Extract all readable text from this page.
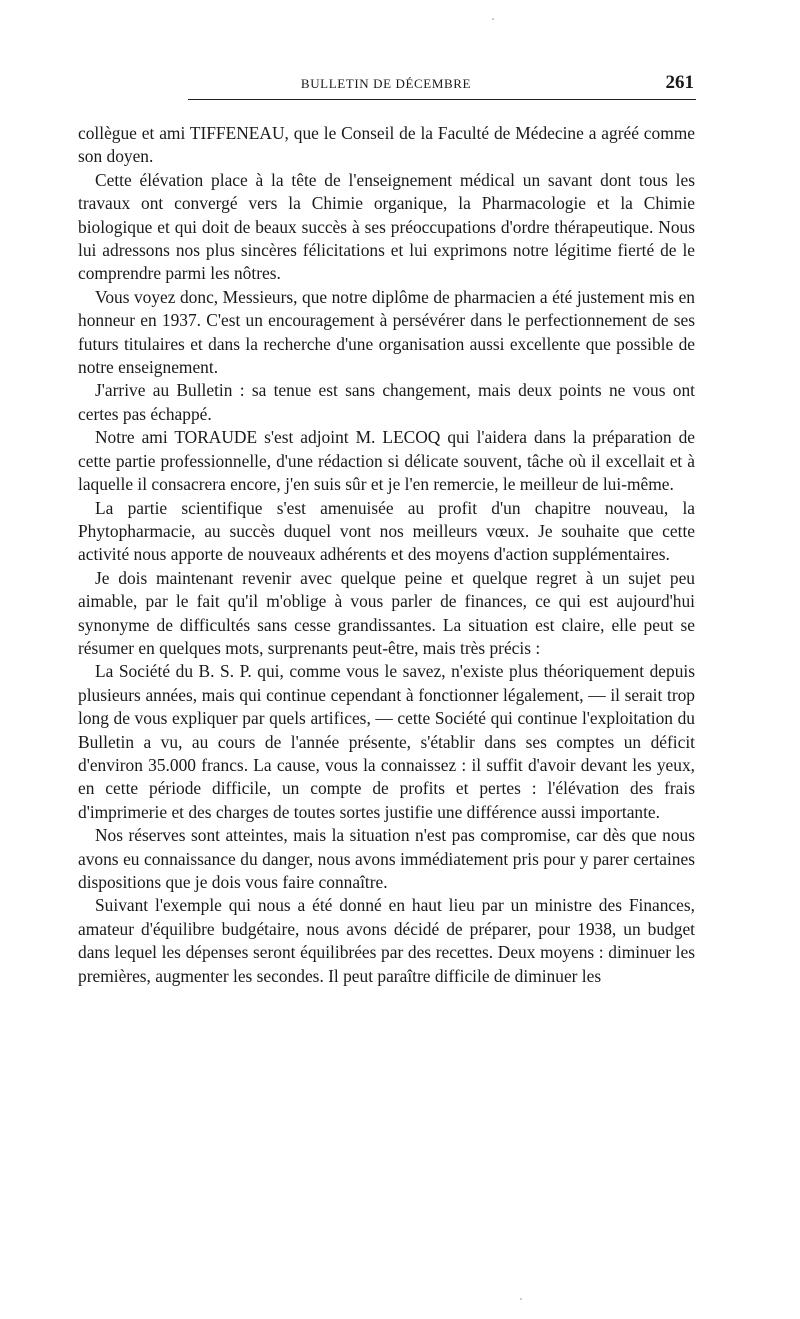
BULLETIN DE DÉCEMBRE	261

collègue et ami TIFFENEAU, que le Conseil de la Faculté de Médecine a agréé comme son doyen.

Cette élévation place à la tête de l'enseignement médical un savant dont tous les travaux ont convergé vers la Chimie organique, la Pharmacologie et la Chimie biologique et qui doit de beaux succès à ses préoccupations d'ordre thérapeutique. Nous lui adressons nos plus sincères félicitations et lui exprimons notre légitime fierté de le comprendre parmi les nôtres.

Vous voyez donc, Messieurs, que notre diplôme de pharmacien a été justement mis en honneur en 1937. C'est un encouragement à persévérer dans le perfectionnement de ses futurs titulaires et dans la recherche d'une organisation aussi excellente que possible de notre enseignement.

J'arrive au Bulletin : sa tenue est sans changement, mais deux points ne vous ont certes pas échappé.

Notre ami TORAUDE s'est adjoint M. LECOQ qui l'aidera dans la préparation de cette partie professionnelle, d'une rédaction si délicate souvent, tâche où il excellait et à laquelle il consacrera encore, j'en suis sûr et je l'en remercie, le meilleur de lui-même.

La partie scientifique s'est amenuisée au profit d'un chapitre nouveau, la Phytopharmacie, au succès duquel vont nos meilleurs vœux. Je souhaite que cette activité nous apporte de nouveaux adhérents et des moyens d'action supplémentaires.

Je dois maintenant revenir avec quelque peine et quelque regret à un sujet peu aimable, par le fait qu'il m'oblige à vous parler de finances, ce qui est aujourd'hui synonyme de difficultés sans cesse grandissantes. La situation est claire, elle peut se résumer en quelques mots, surprenants peut-être, mais très précis :

La Société du B. S. P. qui, comme vous le savez, n'existe plus théoriquement depuis plusieurs années, mais qui continue cependant à fonctionner légalement, — il serait trop long de vous expliquer par quels artifices, — cette Société qui continue l'exploitation du Bulletin a vu, au cours de l'année présente, s'établir dans ses comptes un déficit d'environ 35.000 francs. La cause, vous la connaissez : il suffit d'avoir devant les yeux, en cette période difficile, un compte de profits et pertes : l'élévation des frais d'imprimerie et des charges de toutes sortes justifie une différence aussi importante.

Nos réserves sont atteintes, mais la situation n'est pas compromise, car dès que nous avons eu connaissance du danger, nous avons immédiatement pris pour y parer certaines dispositions que je dois vous faire connaître.

Suivant l'exemple qui nous a été donné en haut lieu par un ministre des Finances, amateur d'équilibre budgétaire, nous avons décidé de préparer, pour 1938, un budget dans lequel les dépenses seront équilibrées par des recettes. Deux moyens : diminuer les premières, augmenter les secondes. Il peut paraître difficile de diminuer les
